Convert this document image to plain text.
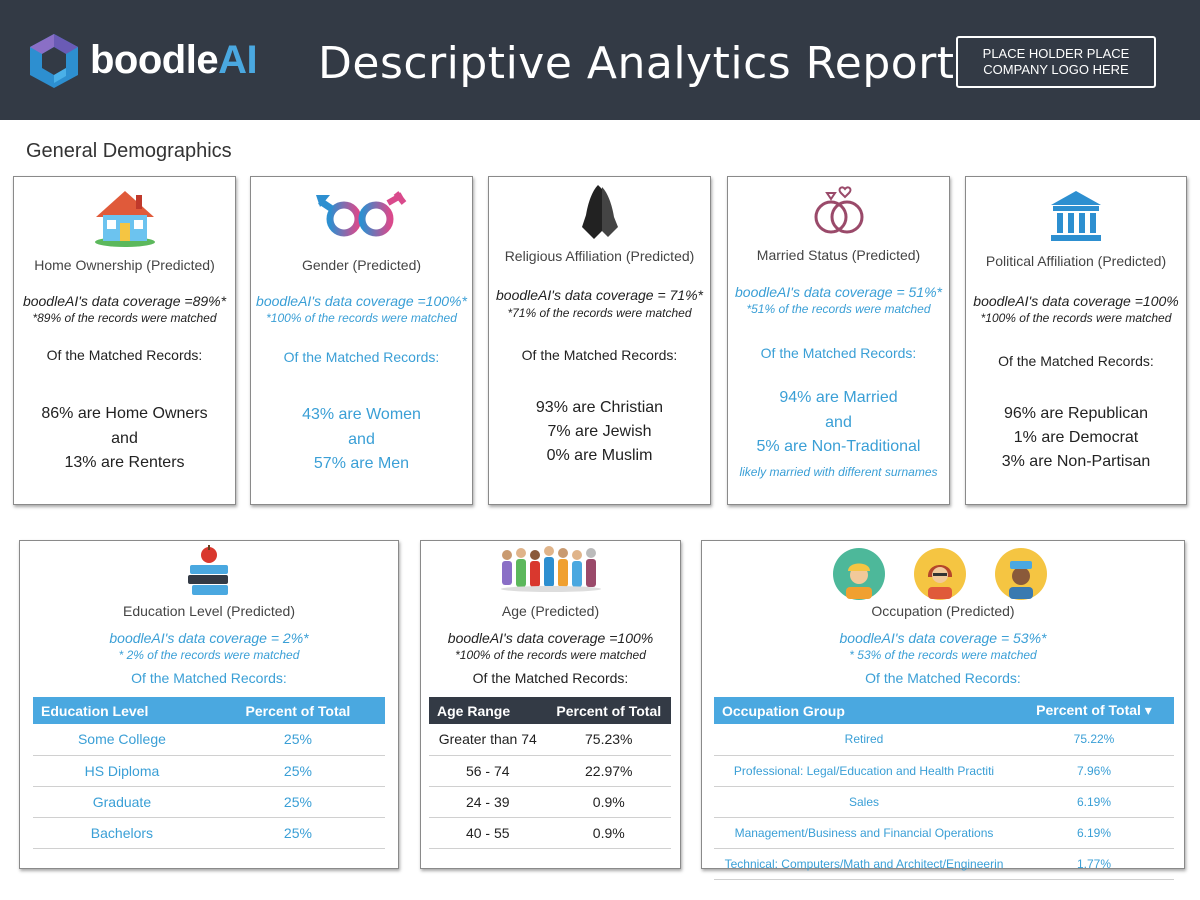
boodleAI Descriptive Analytics Report	PLACE HOLDER PLACE
COMPANY LOGO HERE
General Demographics
Home Ownership (Predicted)
boodleAI's data coverage =89%*
*89% of the records were matched
Of the Matched Records:
86% are Home Owners
and
13% are Renters
Gender (Predicted)
boodleAI's data coverage =100%*
*100% of the records were matched
Of the Matched Records:
43% are Women
and
57% are Men
Religious Affiliation (Predicted)
boodleAI's data coverage = 71%*
*71% of the records were matched
Of the Matched Records:
93% are Christian
7% are Jewish
0% are Muslim
Married Status (Predicted)
boodleAI's data coverage = 51%*
*51% of the records were matched
Of the Matched Records:
94% are Married
and
5% are Non-Traditional
likely married with different surnames
Political Affiliation (Predicted)
boodleAI's data coverage =100%
*100% of the records were matched
Of the Matched Records:
96% are Republican
1% are Democrat
3% are Non-Partisan
Education Level (Predicted)
boodleAI's data coverage = 2%*
* 2% of the records were matched
Of the Matched Records:
Education Level	Percent of Total
Some College	25%
HS Diploma	25%
Graduate	25%
Bachelors	25%
Age (Predicted)
boodleAI's data coverage =100%
*100% of the records were matched
Of the Matched Records:
Age Range	Percent of Total
Greater than 74	75.23%
56 - 74	22.97%
24 - 39	0.9%
40 - 55	0.9%
Occupation (Predicted)
boodleAI's data coverage = 53%*
* 53% of the records were matched
Of the Matched Records:
Occupation Group	Percent of Total ▾
Retired	75.22%
Professional: Legal/Education and Health Practiti	7.96%
Sales	6.19%
Management/Business and Financial Operations	6.19%
Technical: Computers/Math and Architect/Engineerin	1.77%
